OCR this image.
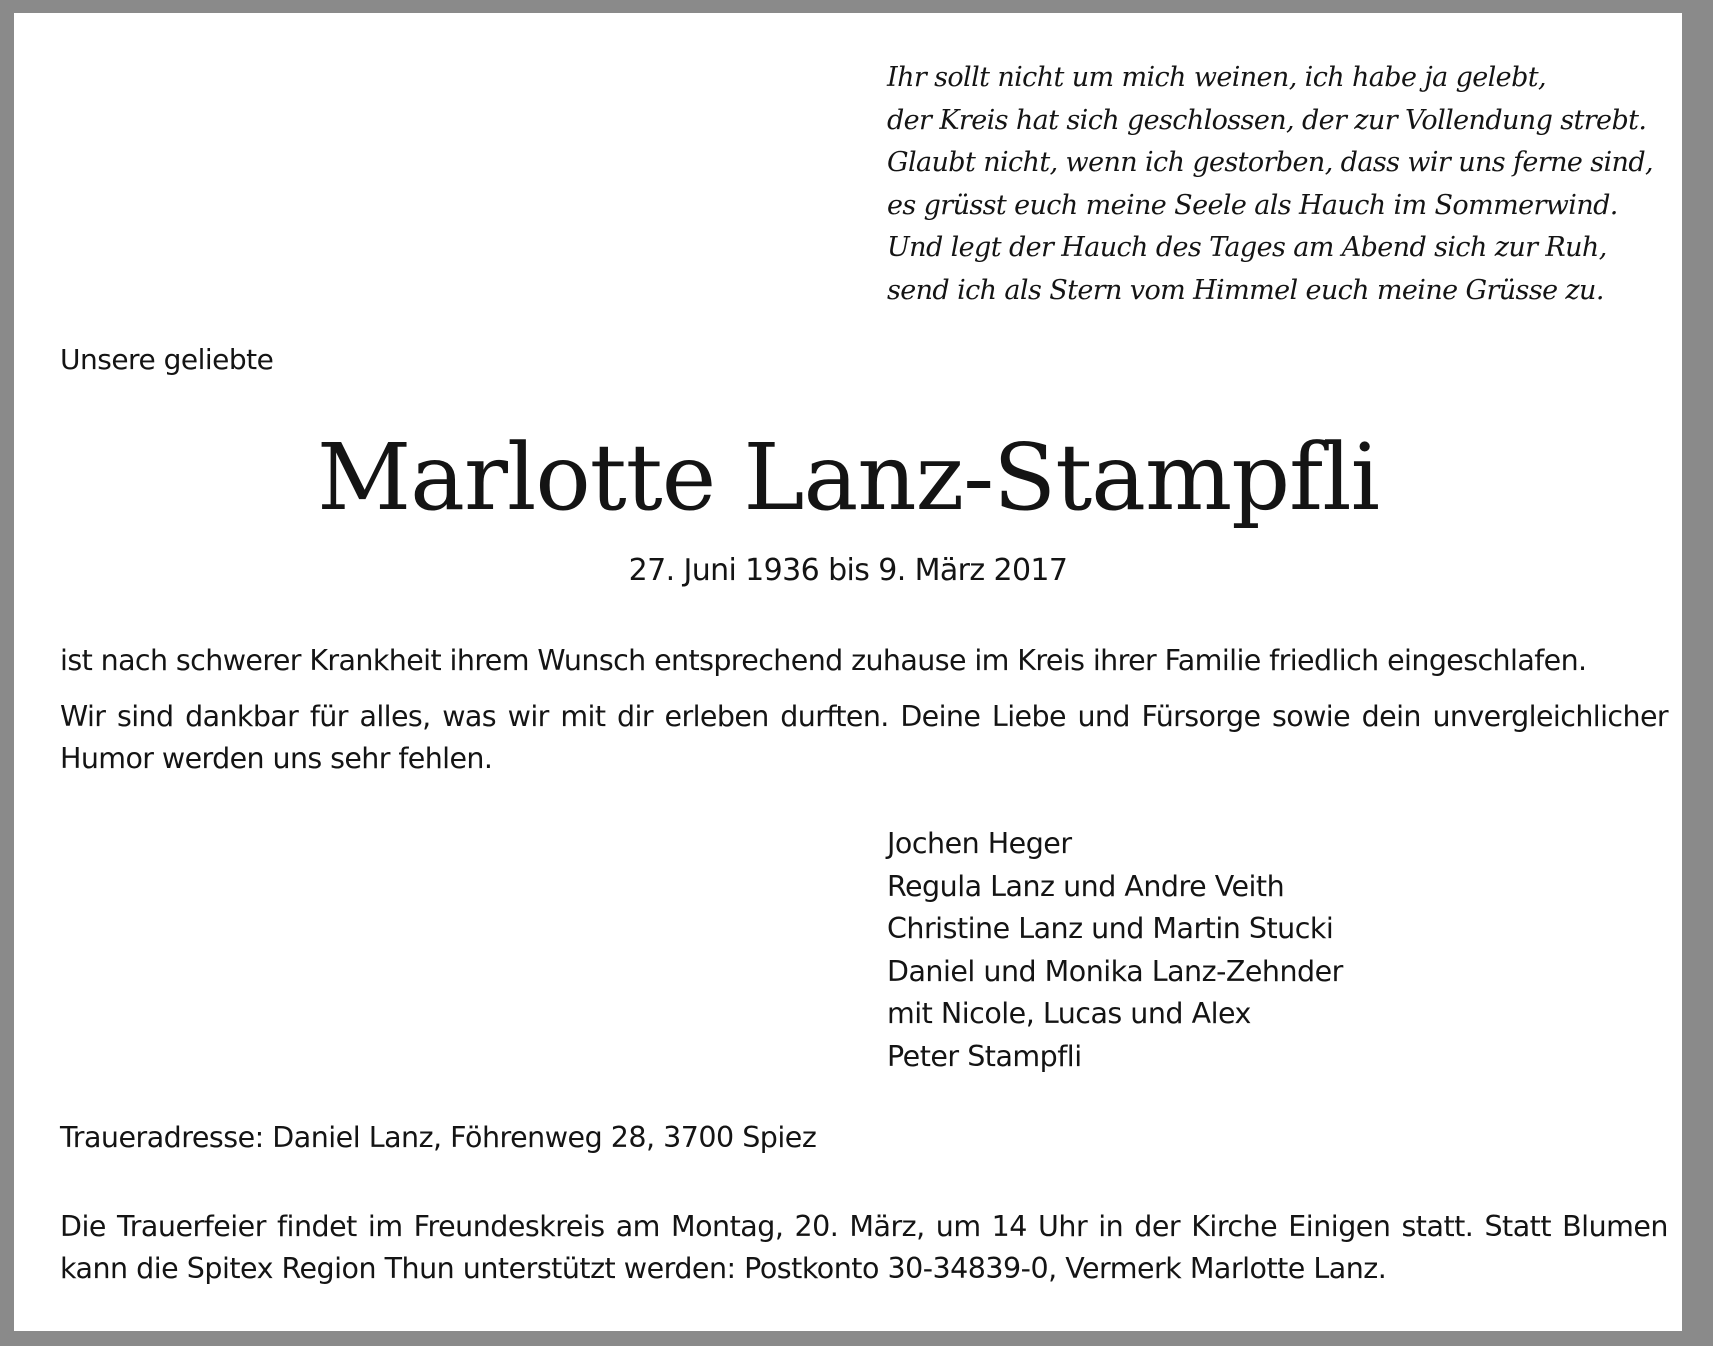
Ihr sollt nicht um mich weinen, ich habe ja gelebt,
der Kreis hat sich geschlossen, der zur Vollendung strebt.
Glaubt nicht, wenn ich gestorben, dass wir uns ferne sind,
es grüsst euch meine Seele als Hauch im Sommerwind.
Und legt der Hauch des Tages am Abend sich zur Ruh,
send ich als Stern vom Himmel euch meine Grüsse zu.
Unsere geliebte
Marlotte Lanz-Stampfli
27. Juni 1936 bis 9. März 2017
ist nach schwerer Krankheit ihrem Wunsch entsprechend zuhause im Kreis ihrer Familie friedlich eingeschlafen.
Wir sind dankbar für alles, was wir mit dir erleben durften. Deine Liebe und Fürsorge sowie dein unvergleichlicher Humor werden uns sehr fehlen.
Jochen Heger
Regula Lanz und Andre Veith
Christine Lanz und Martin Stucki
Daniel und Monika Lanz-Zehnder
mit Nicole, Lucas und Alex
Peter Stampfli
Traueradresse: Daniel Lanz, Föhrenweg 28, 3700 Spiez
Die Trauerfeier findet im Freundeskreis am Montag, 20. März, um 14 Uhr in der Kirche Einigen statt. Statt Blumen kann die Spitex Region Thun unterstützt werden: Postkonto 30-34839-0, Vermerk Marlotte Lanz.
